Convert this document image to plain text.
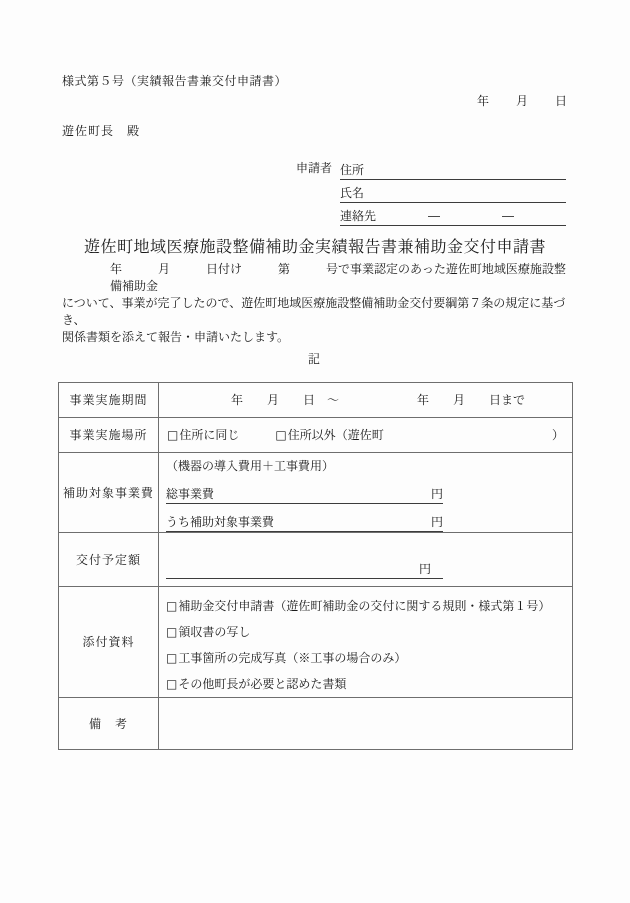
様式第５号（実績報告書兼交付申請書）
年　　月　　日
遊佐町長　殿
申請者 住所
氏名
連絡先	―	―
遊佐町地域医療施設整備補助金実績報告書兼補助金交付申請書
年　　　月　　　日付け　　　第　　　号で事業認定のあった遊佐町地域医療施設整備補助金
について、事業が完了したので、遊佐町地域医療施設整備補助金交付要綱第７条の規定に基づき、
関係書類を添えて報告・申請いたします。
記
事業実施期間	年　　月　　日　～ 年　　月　　日まで

事業実施場所	□ 住所に同じ □ 住所以外（遊佐町 ）

補助対象事業費	（機器の導入費用＋工事費用）
総事業費 円
うち補助対象事業費 円

交付予定額	円

添付資料	□補助金交付申請書（遊佐町補助金の交付に関する規則・様式第１号）
□領収書の写し
□工事箇所の完成写真（※工事の場合のみ）
□その他町長が必要と認めた書類

備　考	
